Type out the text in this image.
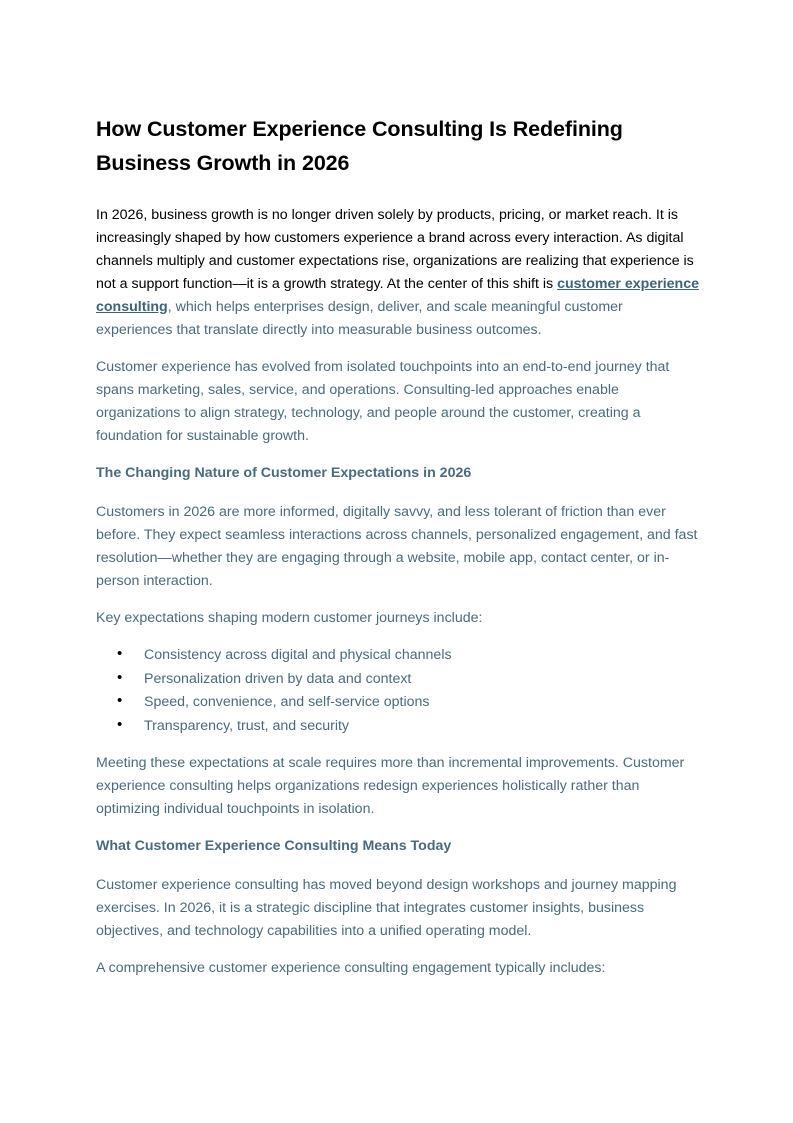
How Customer Experience Consulting Is Redefining Business Growth in 2026

In 2026, business growth is no longer driven solely by products, pricing, or market reach. It is increasingly shaped by how customers experience a brand across every interaction. As digital channels multiply and customer expectations rise, organizations are realizing that experience is not a support function—it is a growth strategy. At the center of this shift is customer experience consulting, which helps enterprises design, deliver, and scale meaningful customer experiences that translate directly into measurable business outcomes.

Customer experience has evolved from isolated touchpoints into an end-to-end journey that spans marketing, sales, service, and operations. Consulting-led approaches enable organizations to align strategy, technology, and people around the customer, creating a foundation for sustainable growth.

The Changing Nature of Customer Expectations in 2026

Customers in 2026 are more informed, digitally savvy, and less tolerant of friction than ever before. They expect seamless interactions across channels, personalized engagement, and fast resolution—whether they are engaging through a website, mobile app, contact center, or in-person interaction.

Key expectations shaping modern customer journeys include:

• Consistency across digital and physical channels
• Personalization driven by data and context
• Speed, convenience, and self-service options
• Transparency, trust, and security

Meeting these expectations at scale requires more than incremental improvements. Customer experience consulting helps organizations redesign experiences holistically rather than optimizing individual touchpoints in isolation.

What Customer Experience Consulting Means Today

Customer experience consulting has moved beyond design workshops and journey mapping exercises. In 2026, it is a strategic discipline that integrates customer insights, business objectives, and technology capabilities into a unified operating model.

A comprehensive customer experience consulting engagement typically includes:
